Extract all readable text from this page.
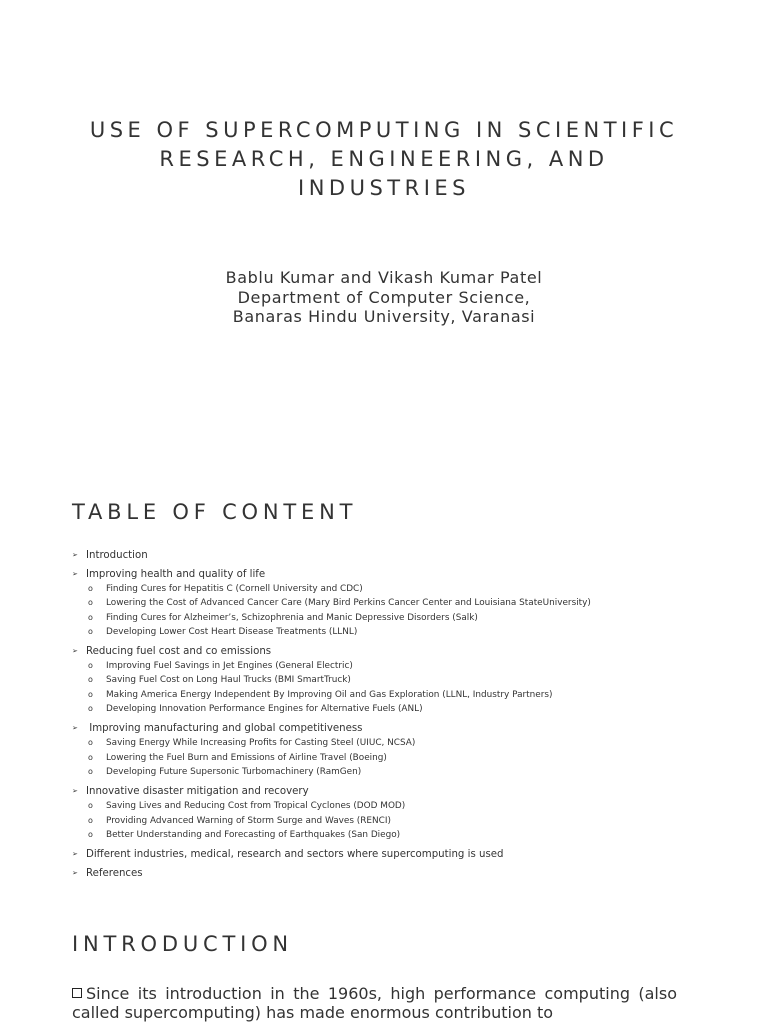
USE OF SUPERCOMPUTING IN SCIENTIFIC
RESEARCH, ENGINEERING, AND
INDUSTRIES
Bablu Kumar and Vikash Kumar Patel
Department of Computer Science,
Banaras Hindu University, Varanasi
TABLE OF CONTENT
➢ Introduction
➢ Improving health and quality of life
o Finding Cures for Hepatitis C (Cornell University and CDC)
o Lowering the Cost of Advanced Cancer Care (Mary Bird Perkins Cancer Center and Louisiana StateUniversity)
o Finding Cures for Alzheimer’s, Schizophrenia and Manic Depressive Disorders (Salk)
o Developing Lower Cost Heart Disease Treatments (LLNL)
➢ Reducing fuel cost and co emissions
o Improving Fuel Savings in Jet Engines (General Electric)
o Saving Fuel Cost on Long Haul Trucks (BMI SmartTruck)
o Making America Energy Independent By Improving Oil and Gas Exploration (LLNL, Industry Partners)
o Developing Innovation Performance Engines for Alternative Fuels (ANL)
➢ Improving manufacturing and global competitiveness
o Saving Energy While Increasing Profits for Casting Steel (UIUC, NCSA)
o Lowering the Fuel Burn and Emissions of Airline Travel (Boeing)
o Developing Future Supersonic Turbomachinery (RamGen)
➢ Innovative disaster mitigation and recovery
o Saving Lives and Reducing Cost from Tropical Cyclones (DOD MOD)
o Providing Advanced Warning of Storm Surge and Waves (RENCI)
o Better Understanding and Forecasting of Earthquakes (San Diego)
➢ Different industries, medical, research and sectors where supercomputing is used
➢ References
INTRODUCTION

Since its introduction in the 1960s, high performance computing (also called supercomputing) has made enormous contribution to
